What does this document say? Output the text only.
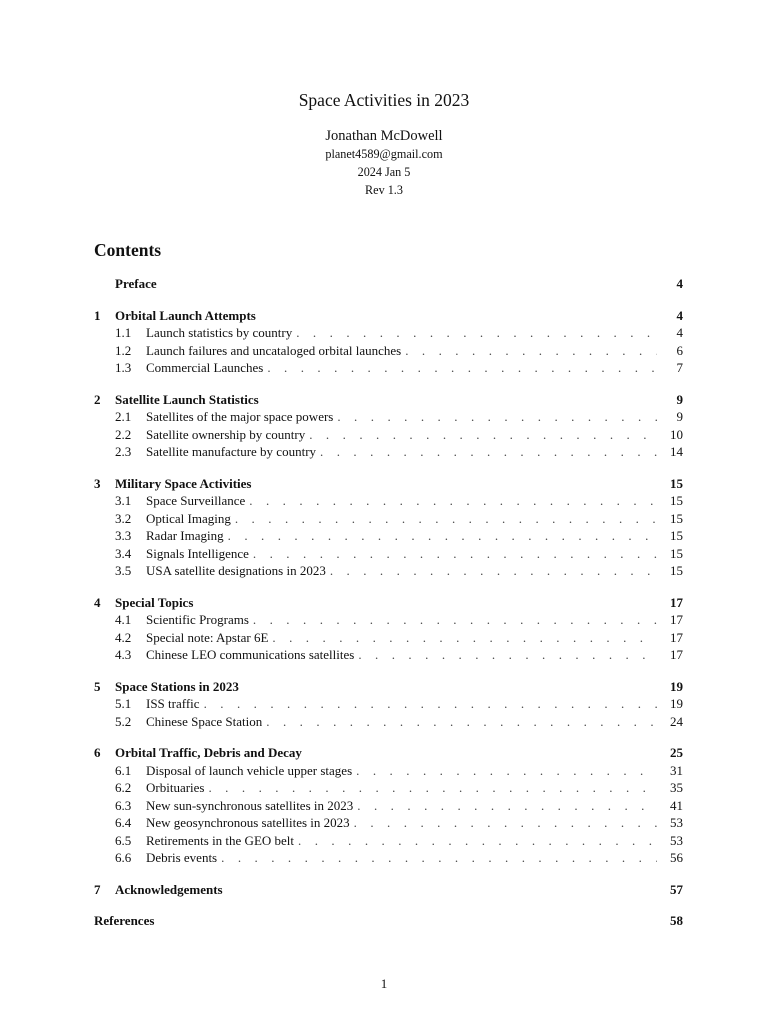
Space Activities in 2023
Jonathan McDowell
planet4589@gmail.com
2024 Jan 5
Rev 1.3
Contents
Preface	4
1	Orbital Launch Attempts	4
1.1	Launch statistics by country . . .	4
1.2	Launch failures and uncataloged orbital launches . . .	6
1.3	Commercial Launches . . .	7
2	Satellite Launch Statistics	9
2.1	Satellites of the major space powers . . .	9
2.2	Satellite ownership by country . . .	10
2.3	Satellite manufacture by country . . .	14
3	Military Space Activities	15
3.1	Space Surveillance . . .	15
3.2	Optical Imaging . . .	15
3.3	Radar Imaging . . .	15
3.4	Signals Intelligence . . .	15
3.5	USA satellite designations in 2023 . . .	15
4	Special Topics	17
4.1	Scientific Programs . . .	17
4.2	Special note: Apstar 6E . . .	17
4.3	Chinese LEO communications satellites . . .	17
5	Space Stations in 2023	19
5.1	ISS traffic . . .	19
5.2	Chinese Space Station . . .	24
6	Orbital Traffic, Debris and Decay	25
6.1	Disposal of launch vehicle upper stages . . .	31
6.2	Orbituaries . . .	35
6.3	New sun-synchronous satellites in 2023 . . .	41
6.4	New geosynchronous satellites in 2023 . . .	53
6.5	Retirements in the GEO belt . . .	53
6.6	Debris events . . .	56
7	Acknowledgements	57
References	58
1
